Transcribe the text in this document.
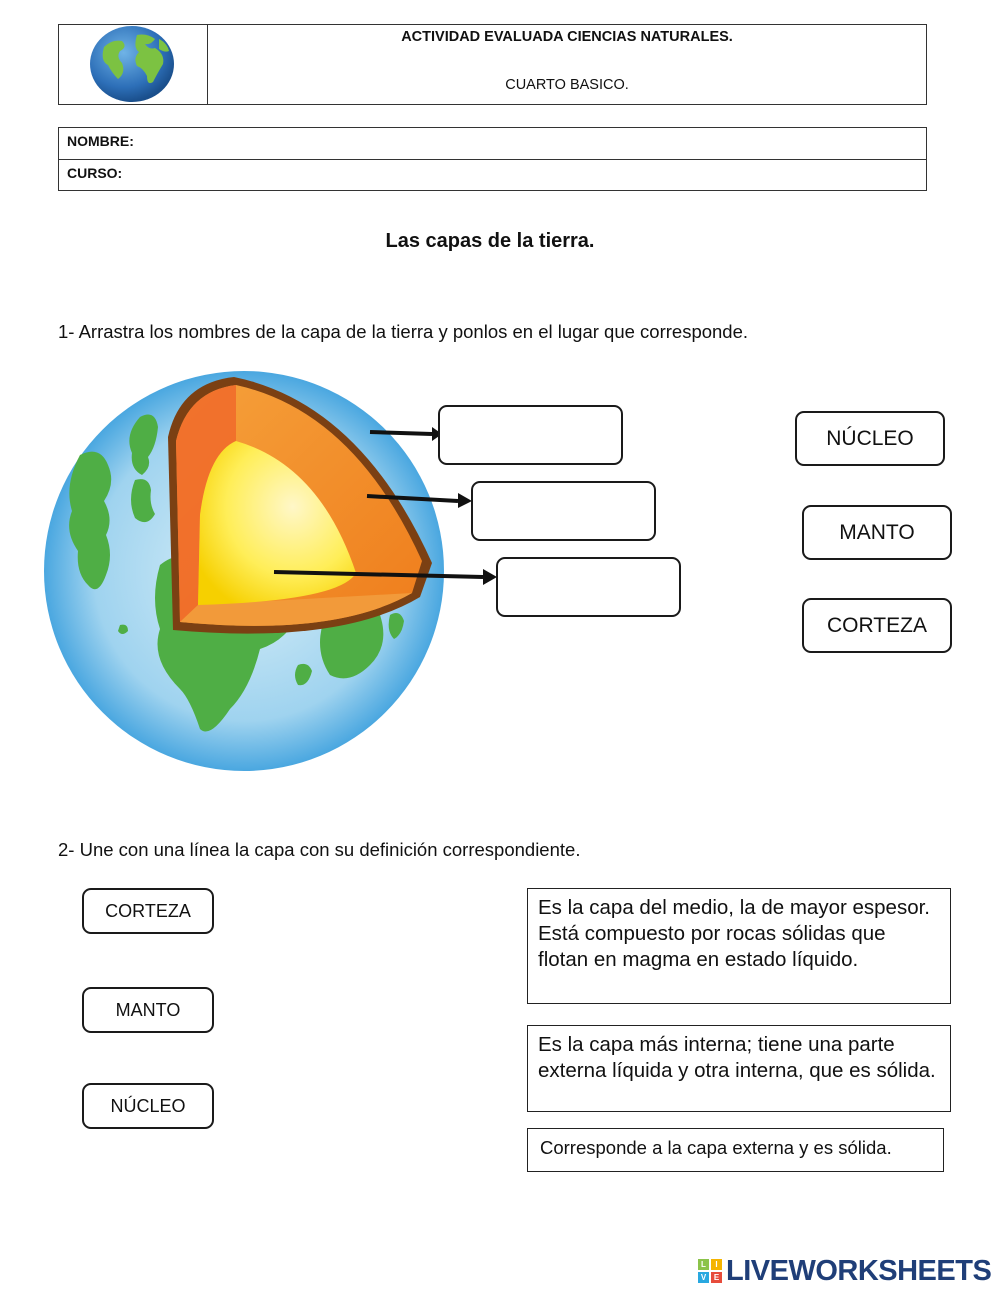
ACTIVIDAD EVALUADA CIENCIAS NATURALES.
CUARTO BASICO.
NOMBRE:
CURSO:
Las capas de la tierra.
1- Arrastra los nombres de la capa de la tierra y ponlos en el lugar que corresponde.
NÚCLEO
MANTO
CORTEZA
2- Une con una línea la capa con su definición correspondiente.
CORTEZA
MANTO
NÚCLEO
Es la capa del medio, la de mayor espesor. Está compuesto por rocas sólidas que flotan en magma en estado líquido.
Es la capa más interna; tiene una parte externa líquida y otra interna, que es sólida.
Corresponde a la capa externa y es sólida.
L	I
V E LIVEWORKSHEETS
